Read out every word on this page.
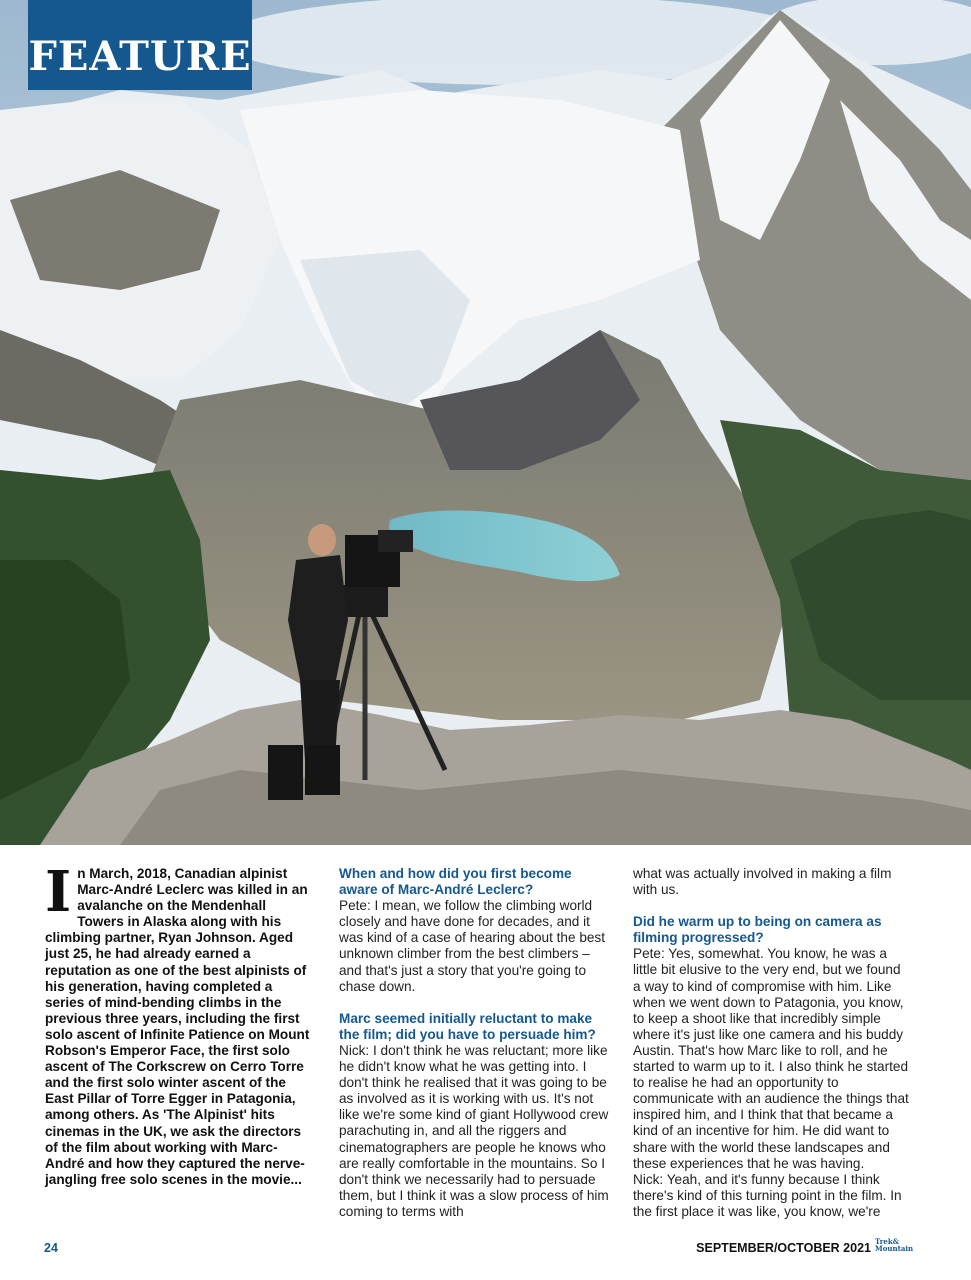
FEATURE

In March, 2018, Canadian alpinist Marc-André Leclerc was killed in an avalanche on the Mendenhall Towers in Alaska along with his climbing partner, Ryan Johnson. Aged just 25, he had already earned a reputation as one of the best alpinists of his generation, having completed a series of mind-bending climbs in the previous three years, including the first solo ascent of Infinite Patience on Mount Robson's Emperor Face, the first solo ascent of The Corkscrew on Cerro Torre and the first solo winter ascent of the East Pillar of Torre Egger in Patagonia, among others. As 'The Alpinist' hits cinemas in the UK, we ask the directors of the film about working with Marc-André and how they captured the nerve-jangling free solo scenes in the movie...

When and how did you first become aware of Marc-André Leclerc?

Pete: I mean, we follow the climbing world closely and have done for decades, and it was kind of a case of hearing about the best unknown climber from the best climbers – and that's just a story that you're going to chase down.

Marc seemed initially reluctant to make the film; did you have to persuade him?

Nick: I don't think he was reluctant; more like he didn't know what he was getting into. I don't think he realised that it was going to be as involved as it is working with us. It's not like we're some kind of giant Hollywood crew parachuting in, and all the riggers and cinematographers are people he knows who are really comfortable in the mountains. So I don't think we necessarily had to persuade them, but I think it was a slow process of him coming to terms with

what was actually involved in making a film with us.

Did he warm up to being on camera as filming progressed?

Pete: Yes, somewhat. You know, he was a little bit elusive to the very end, but we found a way to kind of compromise with him. Like when we went down to Patagonia, you know, to keep a shoot like that incredibly simple where it's just like one camera and his buddy Austin. That's how Marc like to roll, and he started to warm up to it. I also think he started to realise he had an opportunity to communicate with an audience the things that inspired him, and I think that that became a kind of an incentive for him. He did want to share with the world these landscapes and these experiences that he was having.

Nick: Yeah, and it's funny because I think there's kind of this turning point in the film. In the first place it was like, you know, we're

24	SEPTEMBER/OCTOBER 2021 Trek&
Mountain
